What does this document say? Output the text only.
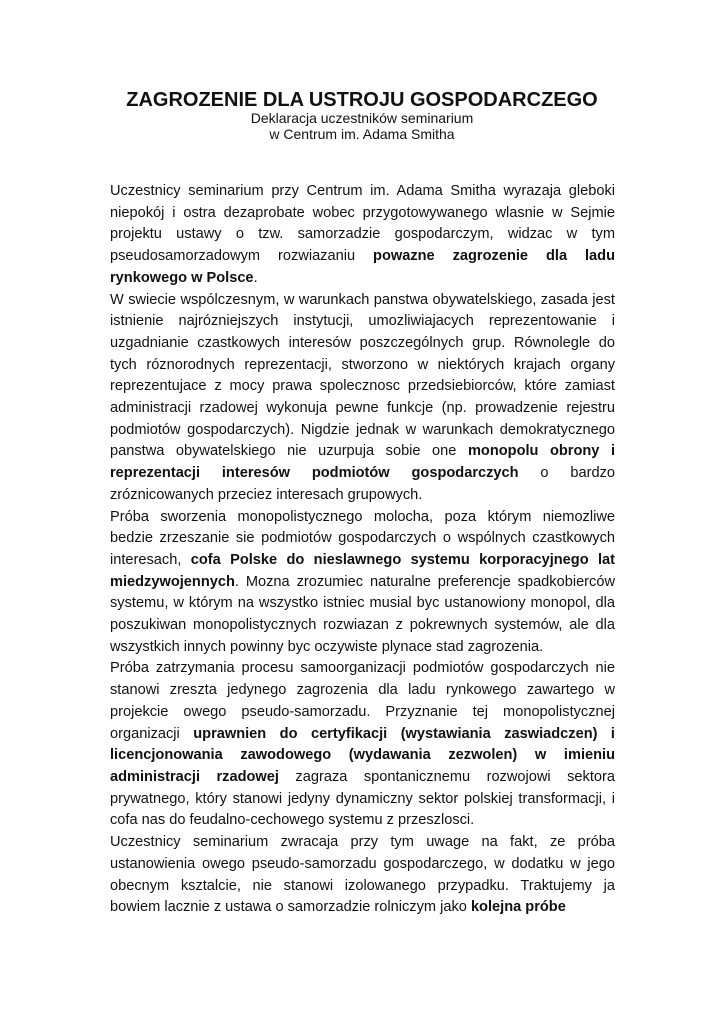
ZAGROZENIE DLA USTROJU GOSPODARCZEGO
Deklaracja uczestników seminarium
w Centrum im. Adama Smitha

Uczestnicy seminarium przy Centrum im. Adama Smitha wyrazaja gleboki niepokój i ostra dezaprobate wobec przygotowywanego wlasnie w Sejmie projektu ustawy o tzw. samorzadzie gospodarczym, widzac w tym pseudosamorzadowym rozwiazaniu powazne zagrozenie dla ladu rynkowego w Polsce.

W swiecie wspólczesnym, w warunkach panstwa obywatelskiego, zasada jest istnienie najrózniejszych instytucji, umozliwiajacych reprezentowanie i uzgadnianie czastkowych interesów poszczególnych grup. Równolegle do tych róznorodnych reprezentacji, stworzono w niektórych krajach organy reprezentujace z mocy prawa spolecznosc przedsiebiorców, które zamiast administracji rzadowej wykonuja pewne funkcje (np. prowadzenie rejestru podmiotów gospodarczych). Nigdzie jednak w warunkach demokratycznego panstwa obywatelskiego nie uzurpuja sobie one monopolu obrony i reprezentacji interesów podmiotów gospodarczych o bardzo zróznicowanych przeciez interesach grupowych.

Próba sworzenia monopolistycznego molocha, poza którym niemozliwe bedzie zrzeszanie sie podmiotów gospodarczych o wspólnych czastkowych interesach, cofa Polske do nieslawnego systemu korporacyjnego lat miedzywojennych. Mozna zrozumiec naturalne preferencje spadkobierców systemu, w którym na wszystko istniec musial byc ustanowiony monopol, dla poszukiwan monopolistycznych rozwiazan z pokrewnych systemów, ale dla wszystkich innych powinny byc oczywiste plynace stad zagrozenia.

Próba zatrzymania procesu samoorganizacji podmiotów gospodarczych nie stanowi zreszta jedynego zagrozenia dla ladu rynkowego zawartego w projekcie owego pseudo-samorzadu. Przyznanie tej monopolistycznej organizacji uprawnien do certyfikacji (wystawiania zaswiadczen) i licencjonowania zawodowego (wydawania zezwolen) w imieniu administracji rzadowej zagraza spontanicznemu rozwojowi sektora prywatnego, który stanowi jedyny dynamiczny sektor polskiej transformacji, i cofa nas do feudalno-cechowego systemu z przeszlosci.

Uczestnicy seminarium zwracaja przy tym uwage na fakt, ze próba ustanowienia owego pseudo-samorzadu gospodarczego, w dodatku w jego obecnym ksztalcie, nie stanowi izolowanego przypadku. Traktujemy ja bowiem lacznie z ustawa o samorzadzie rolniczym jako kolejna próbe
